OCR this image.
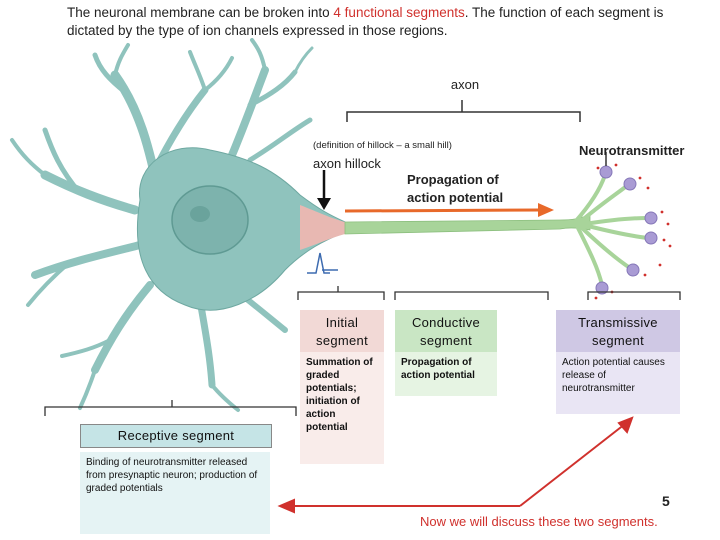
The neuronal membrane can be broken into 4 functional segments. The function of each segment is dictated by the type of ion channels expressed in those regions.
axon
(definition of hillock – a small hill)
axon hillock
Propagation of
action potential
Neurotransmitter
Initial
segment
Summation of graded potentials; initiation of action potential
Conductive
segment
Propagation of action potential
Transmissive
segment
Action potential causes release of neurotransmitter
Receptive segment
Binding of neurotransmitter released from presynaptic neuron; production of graded potentials
5
Now we will discuss these two segments.
